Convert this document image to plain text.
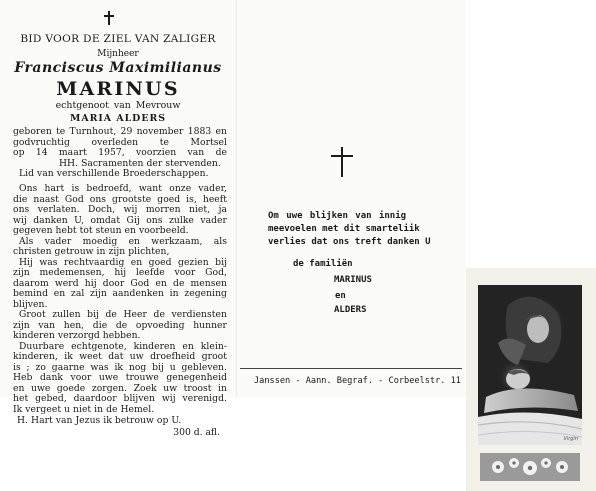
BID VOOR DE ZIEL VAN ZALIGER
Mijnheer
Franciscus Maximilianus
MARINUS
echtgenoot van Mevrouw
MARIA ALDERS
geboren te Turnhout, 29 november 1883 en
godvruchtig overleden te Mortsel
op 14 maart 1957, voorzien van de
HH. Sacramenten der stervenden.
Lid van verschillende Broederschappen.
Ons hart is bedroefd, want onze vader,
die naast God ons grootste goed is, heeft
ons verlaten. Doch, wij morren niet, ja
wij danken U, omdat Gij ons zulke vader
gegeven hebt tot steun en voorbeeld.
Als vader moedig en werkzaam, als
christen getrouw in zijn plichten,
Hij was rechtvaardig en goed gezien bij
zijn medemensen, hij leefde voor God,
daarom werd hij door God en de mensen
bemind en zal zijn aandenken in zegening
blijven.
Groot zullen bij de Heer de verdiensten
zijn van hen, die de opvoeding hunner
kinderen verzorgd hebben.
Duurbare echtgenote, kinderen en klein-
kinderen, ik weet dat uw droefheid groot
is ; zo gaarne was ik nog bij u gebleven.
Heb dank voor uwe trouwe genegenheid
en uwe goede zorgen. Zoek uw troost in
het gebed, daardoor blijven wij verenigd.
Ik vergeet u niet in de Hemel.
H. Hart van Jezus ik betrouw op U.
300 d. afl.
Om uwe blijken van innig
meevoelen met dit smarteliik
verlies dat ons treft danken U
de familiën
MARINUS
en
ALDERS
Janssen - Aann. Begraf. - Corbeelstr. 11
Virgin
